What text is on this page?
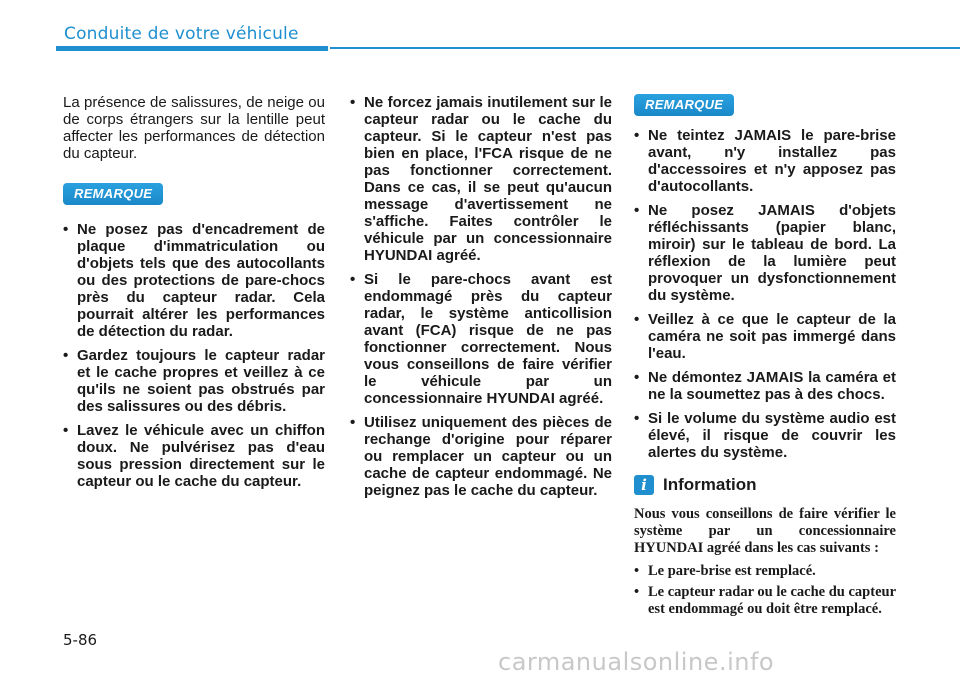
Conduite de votre véhicule

La présence de salissures, de neige ou de corps étrangers sur la lentille peut affecter les performances de détection du capteur.

REMARQUE
• Ne posez pas d'encadrement de plaque d'immatriculation ou d'objets tels que des autocollants ou des protections de pare-chocs près du capteur radar. Cela pourrait altérer les performances de détection du radar.
• Gardez toujours le capteur radar et le cache propres et veillez à ce qu'ils ne soient pas obstrués par des salissures ou des débris.
• Lavez le véhicule avec un chiffon doux. Ne pulvérisez pas d'eau sous pression directement sur le capteur ou le cache du capteur.
• Ne forcez jamais inutilement sur le capteur radar ou le cache du capteur. Si le capteur n'est pas bien en place, l'FCA risque de ne pas fonctionner correctement. Dans ce cas, il se peut qu'aucun message d'avertissement ne s'affiche. Faites contrôler le véhicule par un concessionnaire HYUNDAI agréé.
• Si le pare-chocs avant est endommagé près du capteur radar, le système anticollision avant (FCA) risque de ne pas fonctionner correctement. Nous vous conseillons de faire vérifier le véhicule par un concessionnaire HYUNDAI agréé.
• Utilisez uniquement des pièces de rechange d'origine pour réparer ou remplacer un capteur ou un cache de capteur endommagé. Ne peignez pas le cache du capteur.
REMARQUE
• Ne teintez JAMAIS le pare-brise avant, n'y installez pas d'accessoires et n'y apposez pas d'autocollants.
• Ne posez JAMAIS d'objets réfléchissants (papier blanc, miroir) sur le tableau de bord. La réflexion de la lumière peut provoquer un dysfonctionnement du système.
• Veillez à ce que le capteur de la caméra ne soit pas immergé dans l'eau.
• Ne démontez JAMAIS la caméra et ne la soumettez pas à des chocs.
• Si le volume du système audio est élevé, il risque de couvrir les alertes du système.
i Information

Nous vous conseillons de faire vérifier le système par un concessionnaire HYUNDAI agréé dans les cas suivants :

• Le pare-brise est remplacé.
• Le capteur radar ou le cache du capteur est endommagé ou doit être remplacé.
5-86
carmanualsonline.info
